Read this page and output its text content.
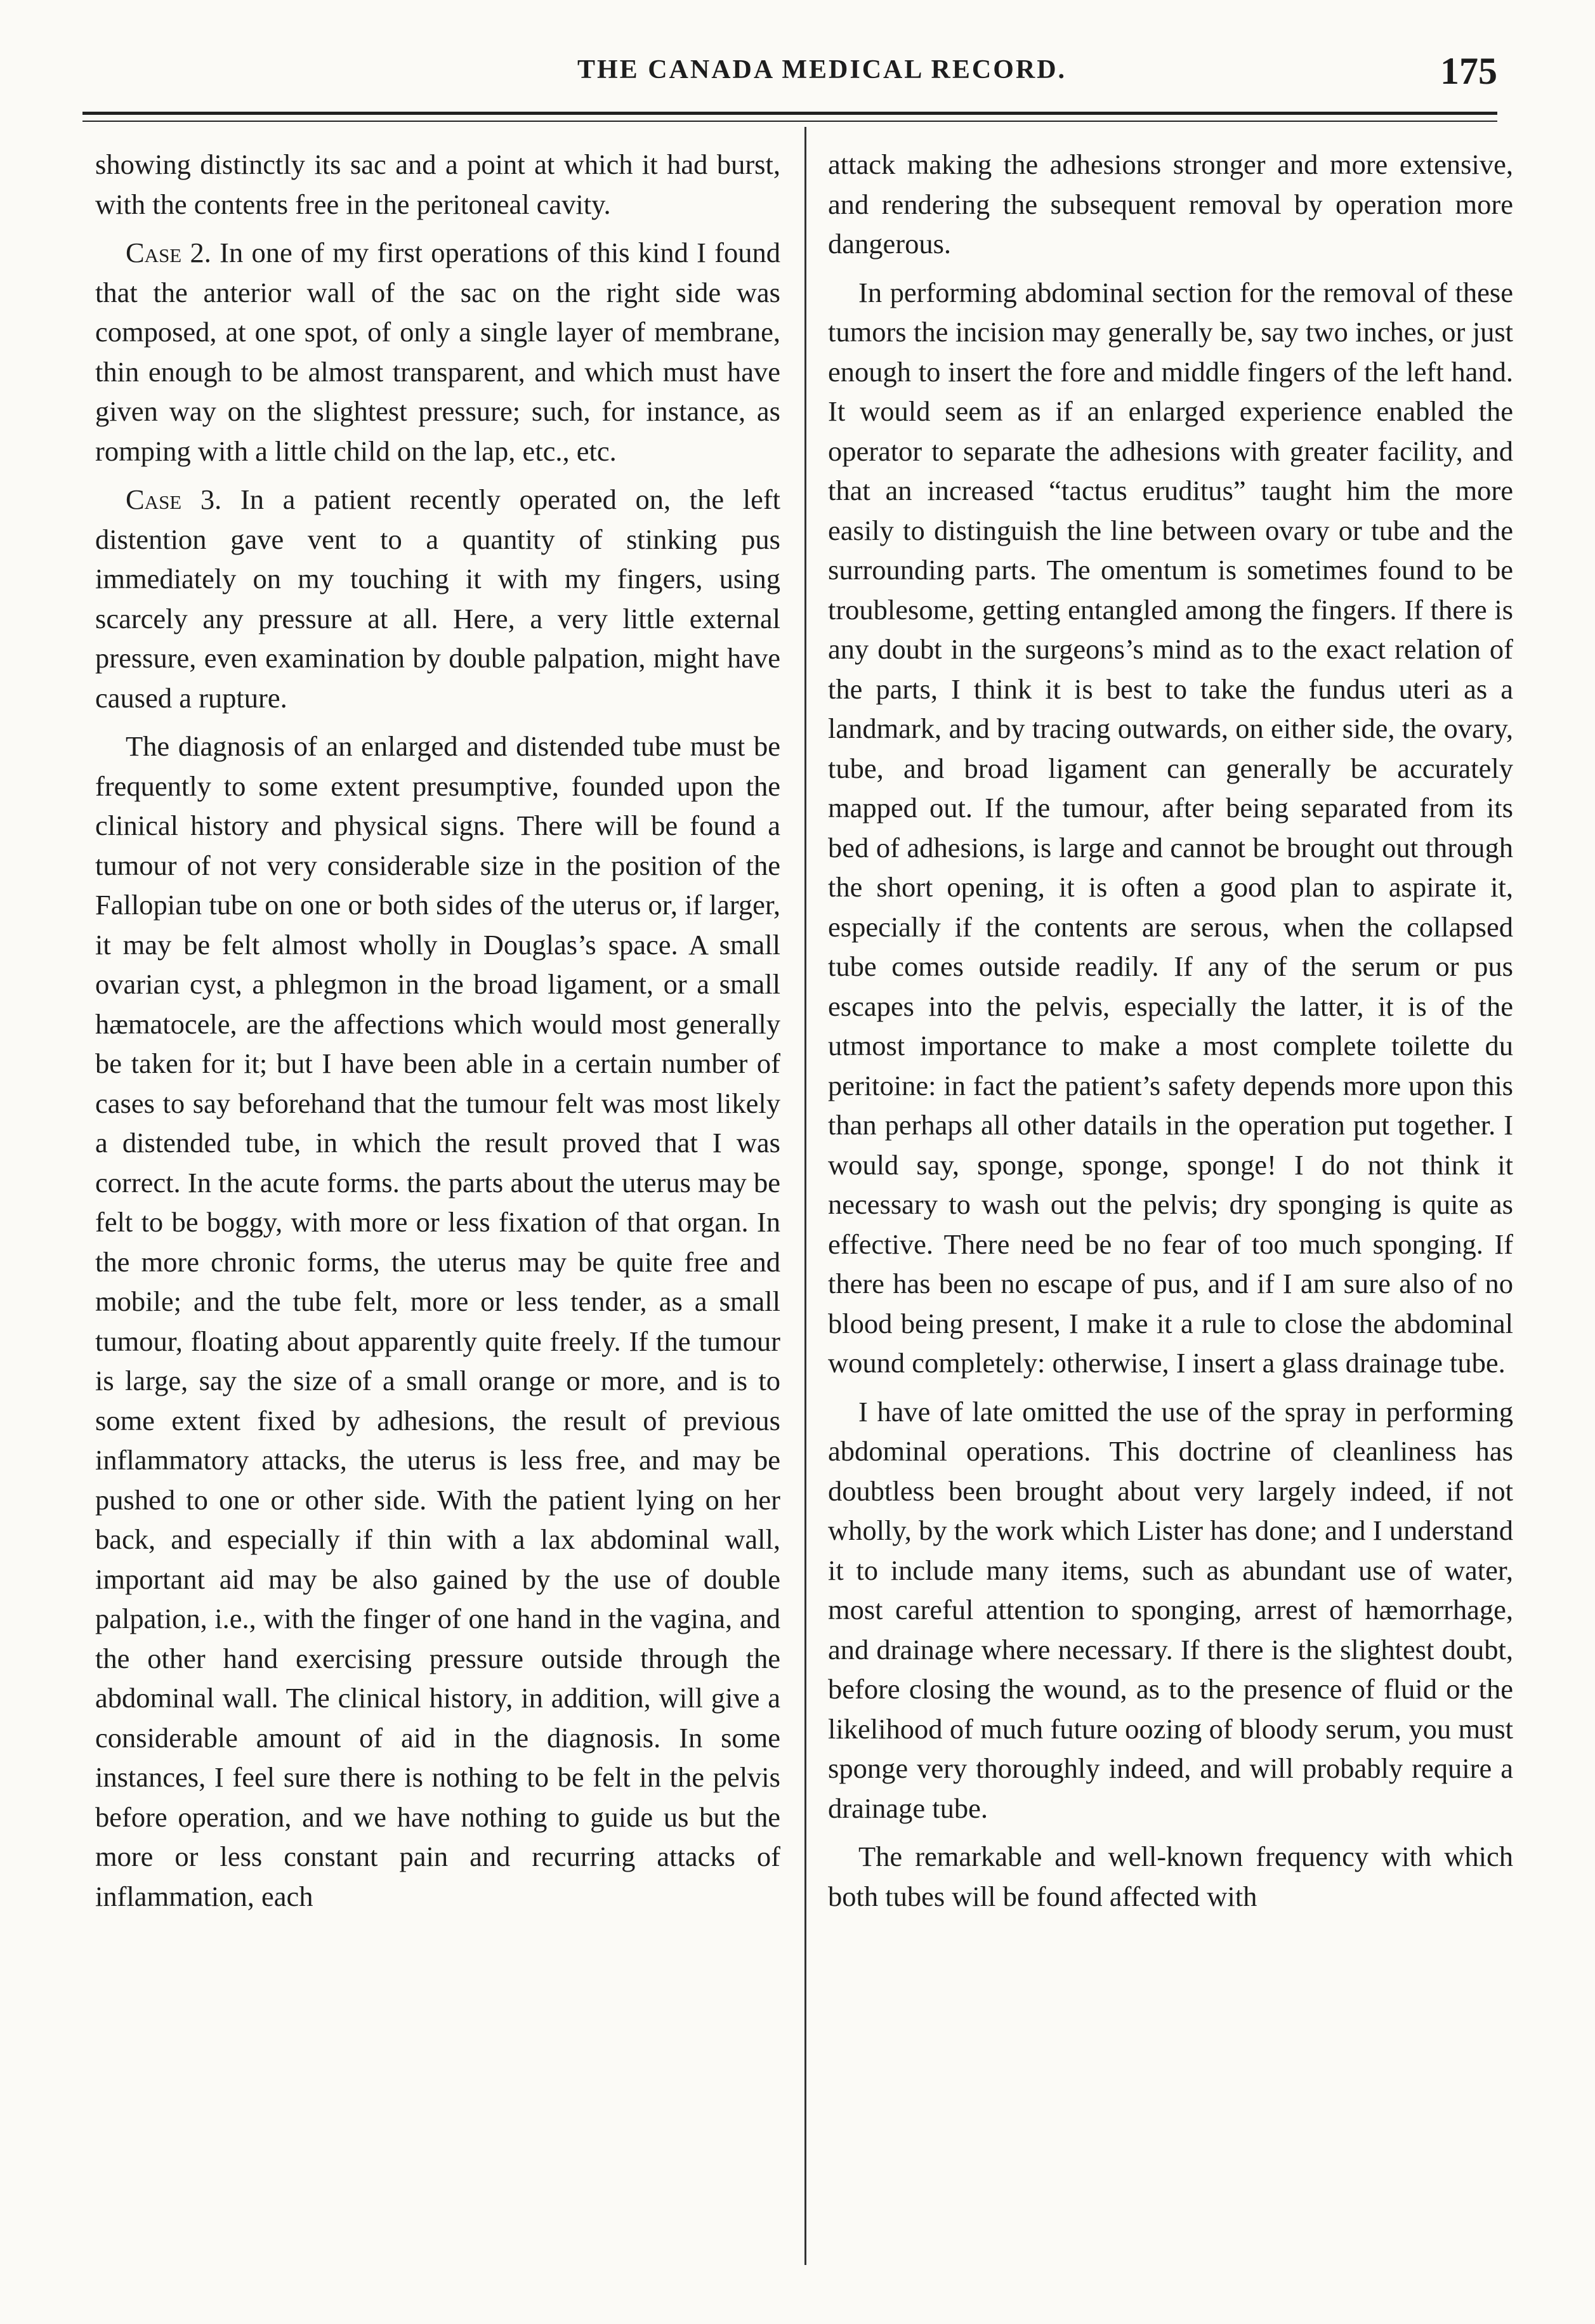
THE CANADA MEDICAL RECORD.	175

showing distinctly its sac and a point at which it had burst, with the contents free in the peritoneal cavity.

Case 2. In one of my first operations of this kind I found that the anterior wall of the sac on the right side was composed, at one spot, of only a single layer of membrane, thin enough to be almost transparent, and which must have given way on the slightest pressure; such, for instance, as romping with a little child on the lap, etc., etc.

Case 3. In a patient recently operated on, the left distention gave vent to a quantity of stinking pus immediately on my touching it with my fingers, using scarcely any pressure at all. Here, a very little external pressure, even examination by double palpation, might have caused a rupture.

The diagnosis of an enlarged and distended tube must be frequently to some extent presumptive, founded upon the clinical history and physical signs. There will be found a tumour of not very considerable size in the position of the Fallopian tube on one or both sides of the uterus or, if larger, it may be felt almost wholly in Douglas’s space. A small ovarian cyst, a phlegmon in the broad ligament, or a small hæmatocele, are the affections which would most generally be taken for it; but I have been able in a certain number of cases to say beforehand that the tumour felt was most likely a distended tube, in which the result proved that I was correct. In the acute forms. the parts about the uterus may be felt to be boggy, with more or less fixation of that organ. In the more chronic forms, the uterus may be quite free and mobile; and the tube felt, more or less tender, as a small tumour, floating about apparently quite freely. If the tumour is large, say the size of a small orange or more, and is to some extent fixed by adhesions, the result of previous inflammatory attacks, the uterus is less free, and may be pushed to one or other side. With the patient lying on her back, and especially if thin with a lax abdominal wall, important aid may be also gained by the use of double palpation, i.e., with the finger of one hand in the vagina, and the other hand exercising pressure outside through the abdominal wall. The clinical history, in addition, will give a considerable amount of aid in the diagnosis. In some instances, I feel sure there is nothing to be felt in the pelvis before operation, and we have nothing to guide us but the more or less constant pain and recurring attacks of inflammation, each

attack making the adhesions stronger and more extensive, and rendering the subsequent removal by operation more dangerous.

In performing abdominal section for the removal of these tumors the incision may generally be, say two inches, or just enough to insert the fore and middle fingers of the left hand. It would seem as if an enlarged experience enabled the operator to separate the adhesions with greater facility, and that an increased “tactus eruditus” taught him the more easily to distinguish the line between ovary or tube and the surrounding parts. The omentum is sometimes found to be troublesome, getting entangled among the fingers. If there is any doubt in the surgeons’s mind as to the exact relation of the parts, I think it is best to take the fundus uteri as a landmark, and by tracing outwards, on either side, the ovary, tube, and broad ligament can generally be accurately mapped out. If the tumour, after being separated from its bed of adhesions, is large and cannot be brought out through the short opening, it is often a good plan to aspirate it, especially if the contents are serous, when the collapsed tube comes outside readily. If any of the serum or pus escapes into the pelvis, especially the latter, it is of the utmost importance to make a most complete toilette du peritoine: in fact the patient’s safety depends more upon this than perhaps all other datails in the operation put together. I would say, sponge, sponge, sponge! I do not think it necessary to wash out the pelvis; dry sponging is quite as effective. There need be no fear of too much sponging. If there has been no escape of pus, and if I am sure also of no blood being present, I make it a rule to close the abdominal wound completely: otherwise, I insert a glass drainage tube.

I have of late omitted the use of the spray in performing abdominal operations. This doctrine of cleanliness has doubtless been brought about very largely indeed, if not wholly, by the work which Lister has done; and I understand it to include many items, such as abundant use of water, most careful attention to sponging, arrest of hæmorrhage, and drainage where necessary. If there is the slightest doubt, before closing the wound, as to the presence of fluid or the likelihood of much future oozing of bloody serum, you must sponge very thoroughly indeed, and will probably require a drainage tube.

The remarkable and well-known frequency with which both tubes will be found affected with
